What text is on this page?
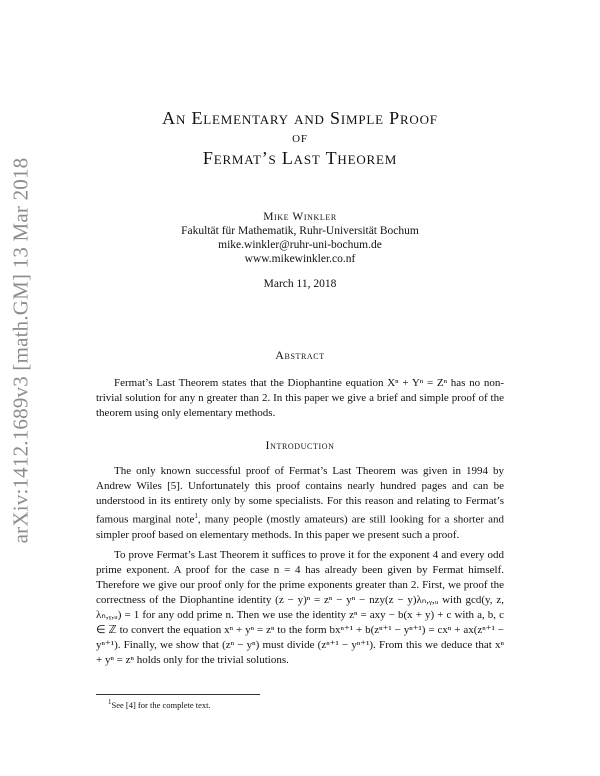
arXiv:1412.1689v3 [math.GM] 13 Mar 2018
An Elementary and Simple Proof
of
Fermat’s Last Theorem
Mike Winkler
Fakultät für Mathematik, Ruhr-Universität Bochum
mike.winkler@ruhr-uni-bochum.de
www.mikewinkler.co.nf
March 11, 2018
Abstract
Fermat’s Last Theorem states that the Diophantine equation Xⁿ + Yⁿ = Zⁿ has no non-trivial solution for any n greater than 2. In this paper we give a brief and simple proof of the theorem using only elementary methods.
Introduction
The only known successful proof of Fermat’s Last Theorem was given in 1994 by Andrew Wiles [5]. Unfortunately this proof contains nearly hundred pages and can be understood in its entirety only by some specialists. For this reason and relating to Fermat’s famous marginal note$^1$, many people (mostly amateurs) are still looking for a shorter and simpler proof based on elementary methods. In this paper we present such a proof.
To prove Fermat’s Last Theorem it suffices to prove it for the exponent 4 and every odd prime exponent. A proof for the case n = 4 has already been given by Fermat himself. Therefore we give our proof only for the prime exponents greater than 2. First, we proof the correctness of the Diophantine identity (z − y)ⁿ = zⁿ − yⁿ − nzy(z − y)λₙ,ᵧ,ᵤ with gcd(y, z, λₙ,ᵧ,ᵤ) = 1 for any odd prime n. Then we use the identity zⁿ = axy − b(x + y) + c with a, b, c ∈ ℤ to convert the equation xⁿ + yⁿ = zⁿ to the form bxⁿ⁺¹ + b(zⁿ⁺¹ − yⁿ⁺¹) = cxⁿ + ax(zⁿ⁺¹ − yⁿ⁺¹). Finally, we show that (zⁿ − yⁿ) must divide (zⁿ⁺¹ − yⁿ⁺¹). From this we deduce that xⁿ + yⁿ = zⁿ holds only for the trivial solutions.
$^1$See [4] for the complete text.
